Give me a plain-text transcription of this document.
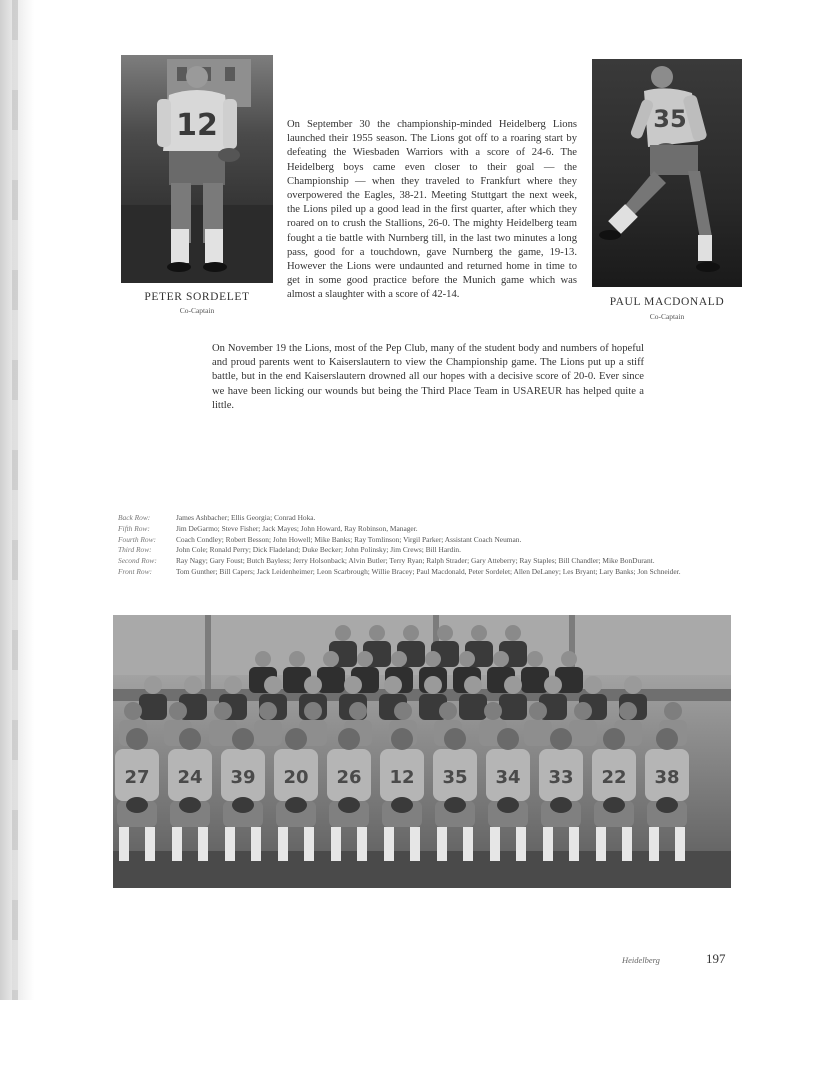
12
PETER SORDELET
Co-Captain
35
PAUL MACDONALD
Co-Captain

On September 30 the championship-minded Heidelberg Lions launched their 1955 season. The Lions got off to a roaring start by defeating the Wiesbaden Warriors with a score of 24-6. The Heidelberg boys came even closer to their goal — the Championship — when they traveled to Frankfurt where they overpowered the Eagles, 38-21. Meeting Stuttgart the next week, the Lions piled up a good lead in the first quarter, after which they roared on to crush the Stallions, 26-0. The mighty Heidelberg team fought a tie battle with Nurnberg till, in the last two minutes a long pass, good for a touchdown, gave Nurnberg the game, 19-13. However the Lions were undaunted and returned home in time to get in some good practice before the Munich game which was almost a slaughter with a score of 42-14.

On November 19 the Lions, most of the Pep Club, many of the student body and numbers of hopeful and proud parents went to Kaiserslautern to view the Championship game. The Lions put up a stiff battle, but in the end Kaiserslautern drowned all our hopes with a decisive score of 20-0. Ever since we have been licking our wounds but being the Third Place Team in USAREUR has helped quite a little.

Back Row:	James Ashbacher; Ellis Georgia; Conrad Hoka.
Fifth Row:	Jim DeGarmo; Steve Fisher; Jack Mayes; John Howard, Ray Robinson, Manager.
Fourth Row:	Coach Condley; Robert Besson; John Howell; Mike Banks; Ray Tomlinson; Virgil Parker; Assistant Coach Neuman.
Third Row:	John Cole; Ronald Perry; Dick Fladeland; Duke Becker; John Polinsky; Jim Crews; Bill Hardin.
Second Row:	Ray Nagy; Gary Foust; Butch Bayless; Jerry Holsonback; Alvin Butler; Terry Ryan; Ralph Strader; Gary Atteberry; Ray Staples; Bill Chandler; Mike BonDurant.
Front Row:	Tom Gunther; Bill Capers; Jack Leidenheimer; Leon Scarbrough; Willie Bracey; Paul Macdonald, Peter Sordelet; Allen DeLaney; Les Bryant; Lary Banks; Jon Schneider.
27 24 39 20 26 12 35 34 33 22 38
Heidelberg	197
